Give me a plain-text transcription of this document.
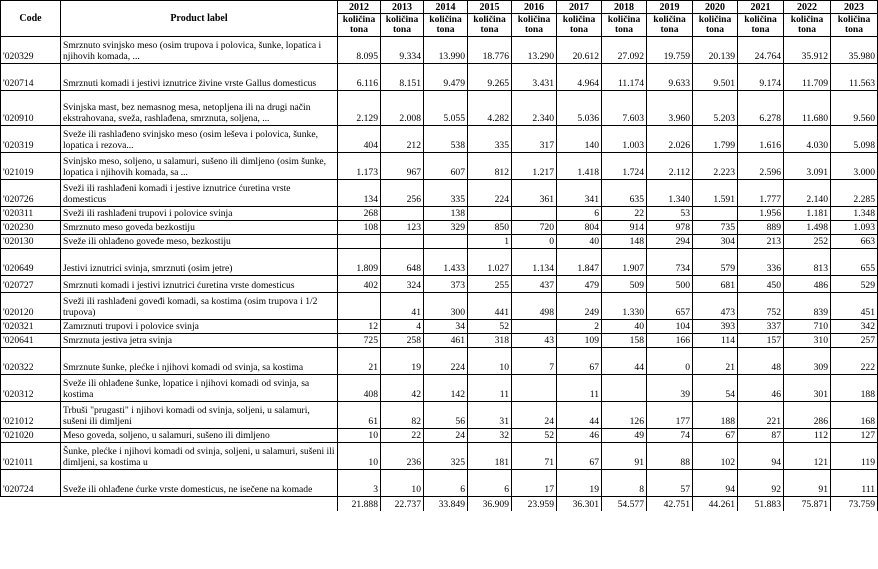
Code	Product label	2012	2013	2014	2015	2016	2017	2018	2019	2020	2021	2022	2023
		količina tona	količina tona	količina tona	količina tona	količina tona	količina tona	količina tona	količina tona	količina tona	količina tona	količina tona	količina tona
'020329	Smrznuto svinjsko meso (osim trupova i polovica, šunke, lopatica i njihovih komada, ...	8.095	9.334	13.990	18.776	13.290	20.612	27.092	19.759	20.139	24.764	35.912	35.980
'020714	Smrznuti komadi i jestivi iznutrice živine vrste Gallus domesticus	6.116	8.151	9.479	9.265	3.431	4.964	11.174	9.633	9.501	9.174	11.709	11.563
'020910	Svinjska mast, bez nemasnog mesa, netopljena ili na drugi način ekstrahovana, sveža, rashlađena, smrznuta, soljena, ...	2.129	2.008	5.055	4.282	2.340	5.036	7.603	3.960	5.203	6.278	11.680	9.560
'020319	Sveže ili rashlađeno svinjsko meso (osim leševa i polovica, šunke, lopatica i rezova...	404	212	538	335	317	140	1.003	2.026	1.799	1.616	4.030	5.098
'021019	Svinjsko meso, soljeno, u salamuri, sušeno ili dimljeno (osim šunke, lopatica i njihovih komada, sa ...	1.173	967	607	812	1.217	1.418	1.724	2.112	2.223	2.596	3.091	3.000
'020726	Sveži ili rashlađeni komadi i jestive iznutrice ćuretina vrste domesticus	134	256	335	224	361	341	635	1.340	1.591	1.777	2.140	2.285
'020311	Sveži ili rashlađeni trupovi i polovice svinja	268		138			6	22	53		1.956	1.181	1.348
'020230	Smrznuto meso goveda bezkostiju	108	123	329	850	720	804	914	978	735	889	1.498	1.093
'020130	Sveže ili ohlađeno goveđe meso, bezkostiju				1	0	40	148	294	304	213	252	663
'020649	Jestivi iznutrici svinja, smrznuti (osim jetre)	1.809	648	1.433	1.027	1.134	1.847	1.907	734	579	336	813	655
'020727	Smrznuti komadi i jestivi iznutrici ćuretina vrste domesticus	402	324	373	255	437	479	509	500	681	450	486	529
'020120	Sveži ili rashlađeni goveđi komadi, sa kostima (osim trupova i 1/2 trupova)		41	300	441	498	249	1.330	657	473	752	839	451
'020321	Zamrznuti trupovi i polovice svinja	12	4	34	52		2	40	104	393	337	710	342
'020641	Smrznuta jestiva jetra svinja	725	258	461	318	43	109	158	166	114	157	310	257
'020322	Smrznute šunke, plećke i njihovi komadi od svinja, sa kostima	21	19	224	10	7	67	44	0	21	48	309	222
'020312	Sveže ili ohlađene šunke, lopatice i njihovi komadi od svinja, sa kostima	408	42	142	11		11		39	54	46	301	188
'021012	Trbuši "prugasti" i njihovi komadi od svinja, soljeni, u salamuri, sušeni ili dimljeni	61	82	56	31	24	44	126	177	188	221	286	168
'021020	Meso goveda, soljeno, u salamuri, sušeno ili dimljeno	10	22	24	32	52	46	49	74	67	87	112	127
'021011	Šunke, plećke i njihovi komadi od svinja, soljeni, u salamuri, sušeni ili dimljeni, sa kostima u	10	236	325	181	71	67	91	88	102	94	121	119
'020724	Sveže ili ohlađene ćurke vrste domesticus, ne isečene na komade	3	10	6	6	17	19	8	57	94	92	91	111
		21.888	22.737	33.849	36.909	23.959	36.301	54.577	42.751	44.261	51.883	75.871	73.759
